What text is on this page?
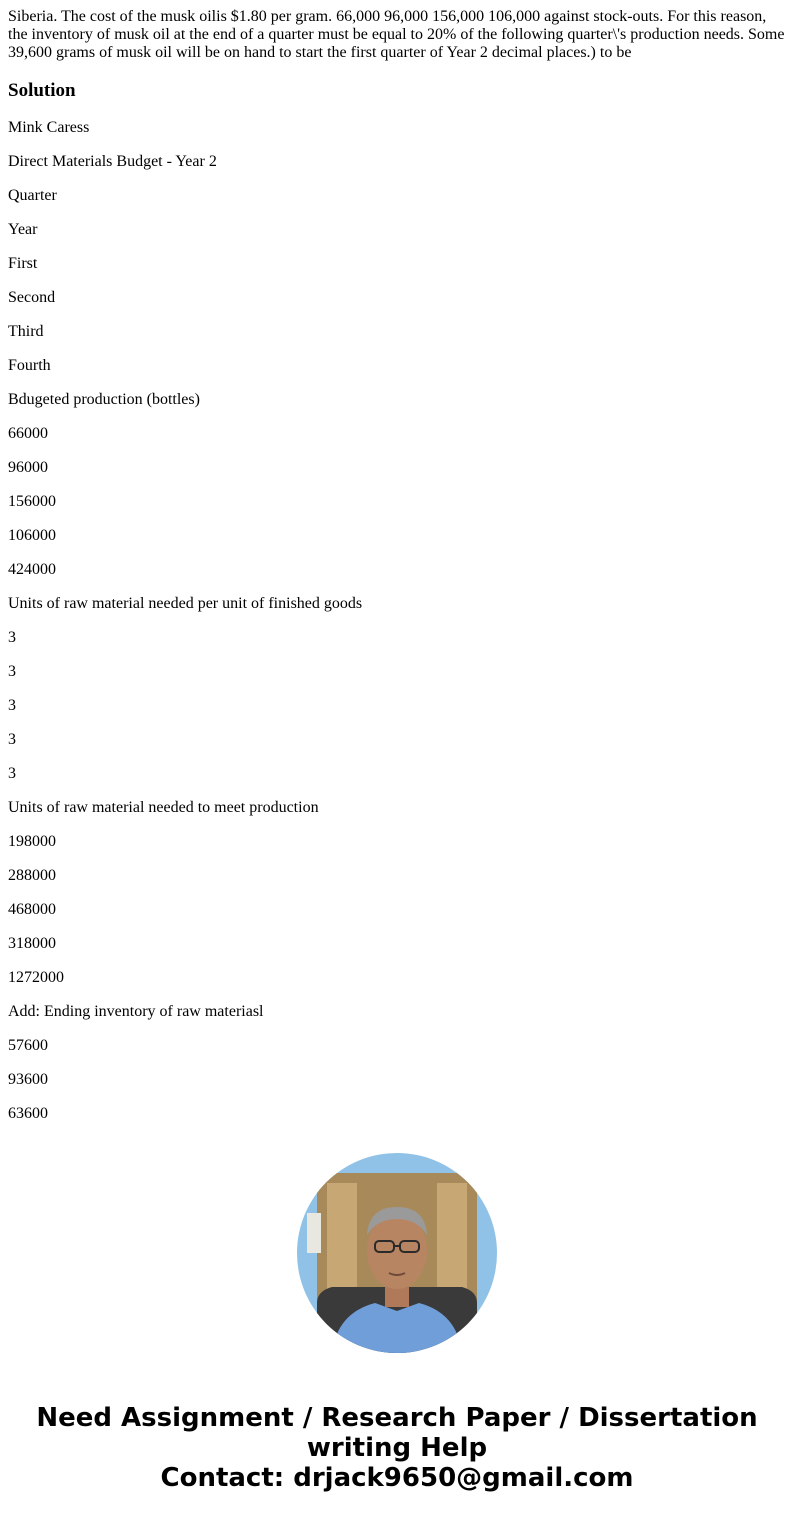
Siberia. The cost of the musk oilis $1.80 per gram. 66,000 96,000 156,000 106,000 against stock-outs. For this reason, the inventory of musk oil at the end of a quarter must be equal to 20% of the following quarter\'s production needs. Some 39,600 grams of musk oil will be on hand to start the first quarter of Year 2 decimal places.) to be

Solution

Mink Caress

Direct Materials Budget - Year 2

Quarter

Year

First

Second

Third

Fourth

Bdugeted production (bottles)

66000

96000

156000

106000

424000

Units of raw material needed per unit of finished goods

3

3

3

3

3

Units of raw material needed to meet production

198000

288000

468000

318000

1272000

Add: Ending inventory of raw materiasl

57600

93600

63600

Need Assignment / Research Paper / Dissertation
writing Help
Contact: drjack9650@gmail.com
